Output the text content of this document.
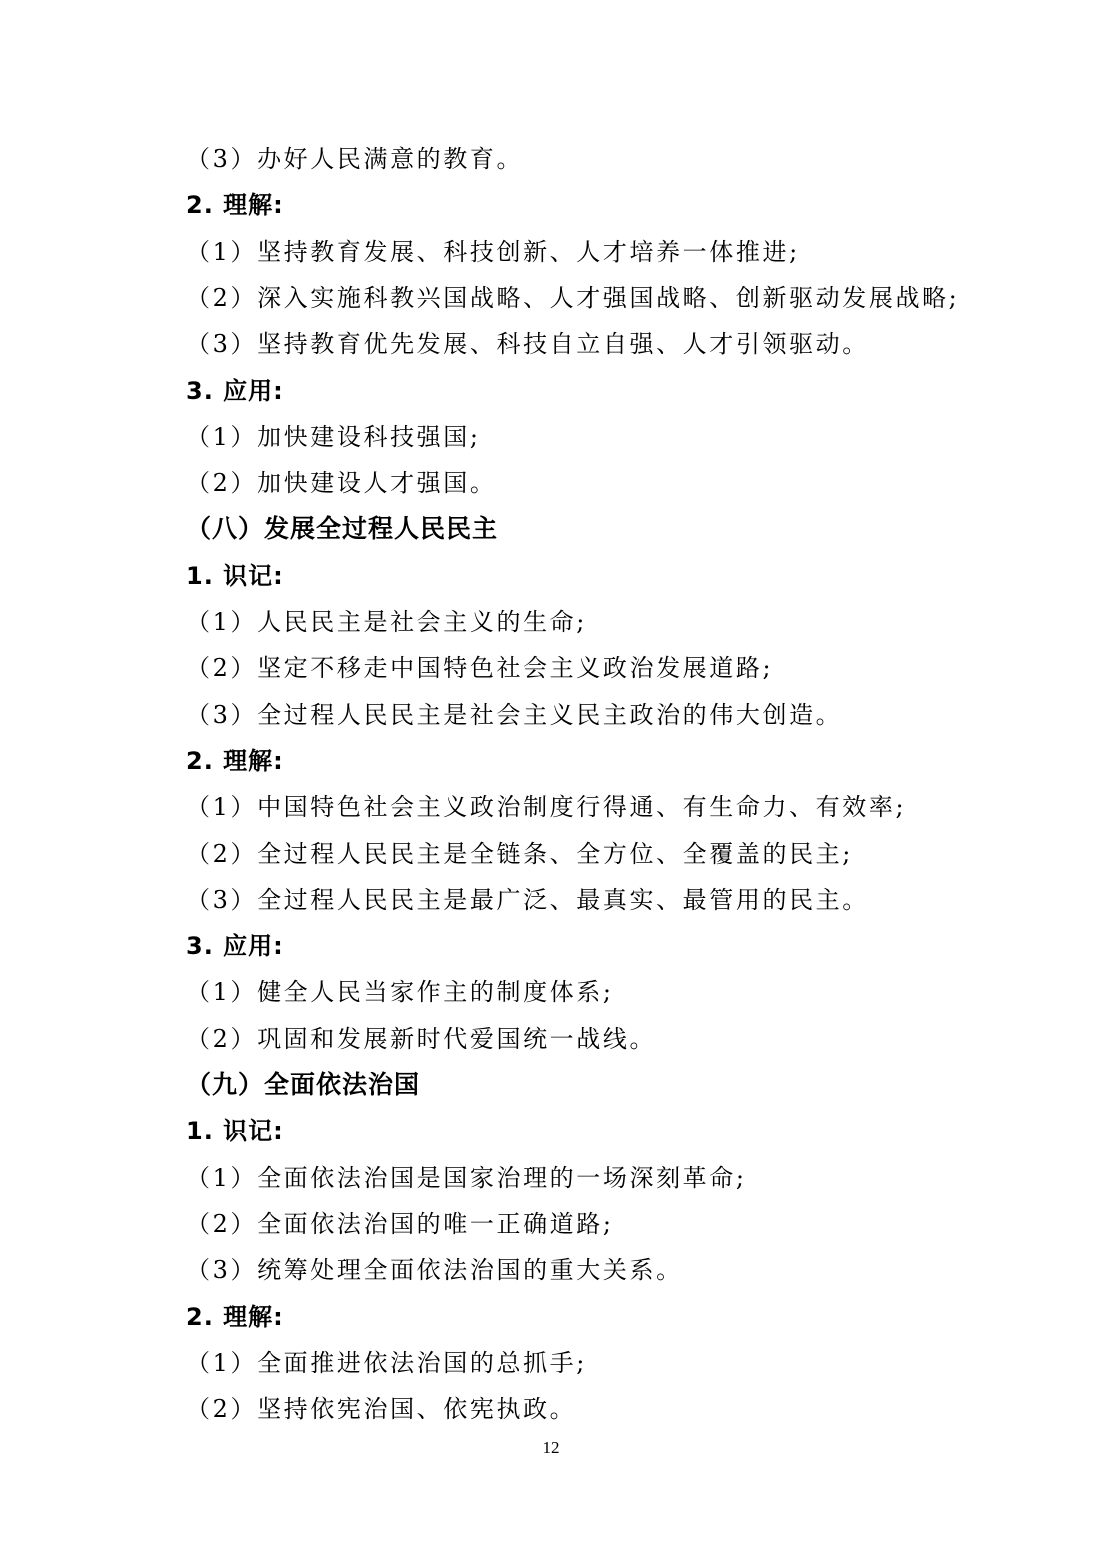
（3）办好人民满意的教育。
2. 理解:
（1）坚持教育发展、科技创新、人才培养一体推进;
（2）深入实施科教兴国战略、人才强国战略、创新驱动发展战略;
（3）坚持教育优先发展、科技自立自强、人才引领驱动。
3. 应用:
（1）加快建设科技强国;
（2）加快建设人才强国。
（八）发展全过程人民民主
1. 识记:
（1）人民民主是社会主义的生命;
（2）坚定不移走中国特色社会主义政治发展道路;
（3）全过程人民民主是社会主义民主政治的伟大创造。
2. 理解:
（1）中国特色社会主义政治制度行得通、有生命力、有效率;
（2）全过程人民民主是全链条、全方位、全覆盖的民主;
（3）全过程人民民主是最广泛、最真实、最管用的民主。
3. 应用:
（1）健全人民当家作主的制度体系;
（2）巩固和发展新时代爱国统一战线。
（九）全面依法治国
1. 识记:
（1）全面依法治国是国家治理的一场深刻革命;
（2）全面依法治国的唯一正确道路;
（3）统筹处理全面依法治国的重大关系。
2. 理解:
（1）全面推进依法治国的总抓手;
（2）坚持依宪治国、依宪执政。
12
